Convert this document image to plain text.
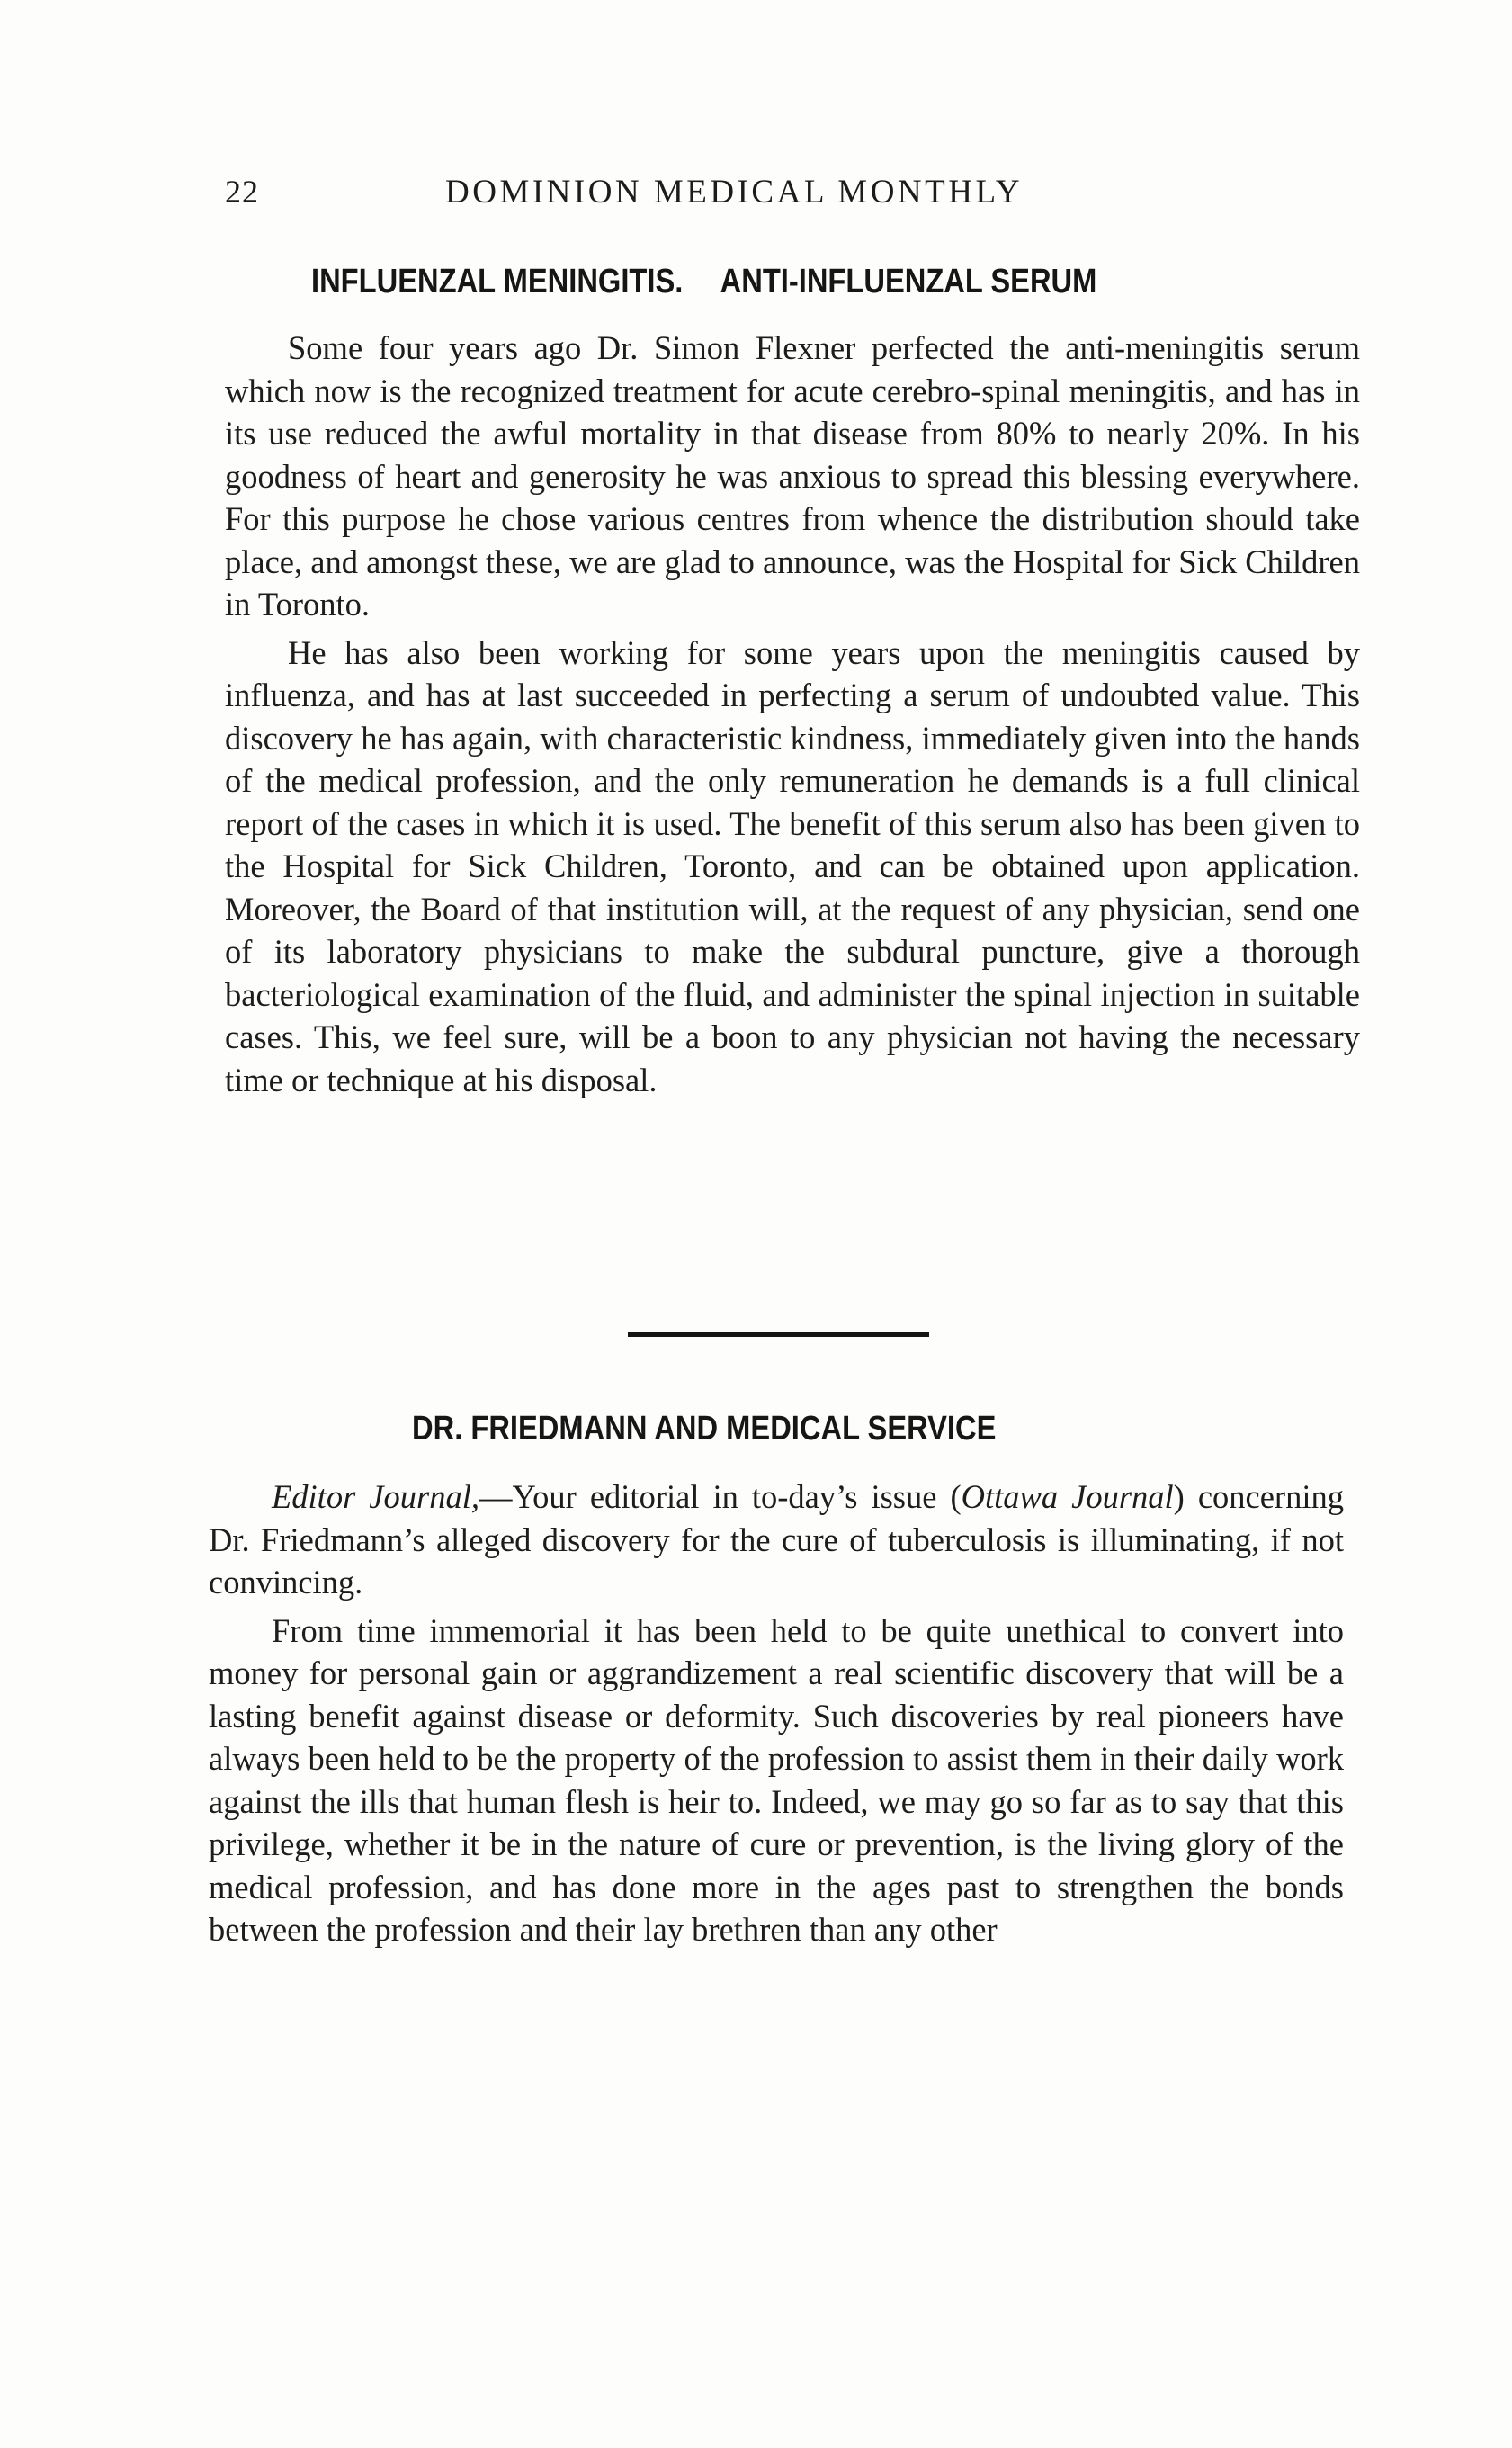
22	DOMINION MEDICAL MONTHLY
INFLUENZAL MENINGITIS. ANTI-INFLUENZAL SERUM

Some four years ago Dr. Simon Flexner perfected the anti-meningitis serum which now is the recognized treatment for acute cerebro-spinal meningitis, and has in its use reduced the awful mortality in that disease from 80% to nearly 20%. In his goodness of heart and generosity he was anxious to spread this blessing everywhere. For this purpose he chose various centres from whence the distribution should take place, and amongst these, we are glad to announce, was the Hospital for Sick Children in Toronto.

He has also been working for some years upon the meningitis caused by influenza, and has at last succeeded in perfecting a serum of undoubted value. This discovery he has again, with characteristic kindness, immediately given into the hands of the medical profession, and the only remuneration he demands is a full clinical report of the cases in which it is used. The benefit of this serum also has been given to the Hospital for Sick Children, Toronto, and can be obtained upon application. Moreover, the Board of that institution will, at the request of any physician, send one of its laboratory physicians to make the subdural puncture, give a thorough bacteriological examination of the fluid, and administer the spinal injection in suitable cases. This, we feel sure, will be a boon to any physician not having the necessary time or technique at his disposal.

DR. FRIEDMANN AND MEDICAL SERVICE

Editor Journal,—Your editorial in to-day’s issue (Ottawa Journal) concerning Dr. Friedmann’s alleged discovery for the cure of tuberculosis is illuminating, if not convincing.

From time immemorial it has been held to be quite unethical to convert into money for personal gain or aggrandizement a real scientific discovery that will be a lasting benefit against disease or deformity. Such discoveries by real pioneers have always been held to be the property of the profession to assist them in their daily work against the ills that human flesh is heir to. Indeed, we may go so far as to say that this privilege, whether it be in the nature of cure or prevention, is the living glory of the medical profession, and has done more in the ages past to strengthen the bonds between the profession and their lay brethren than any other
